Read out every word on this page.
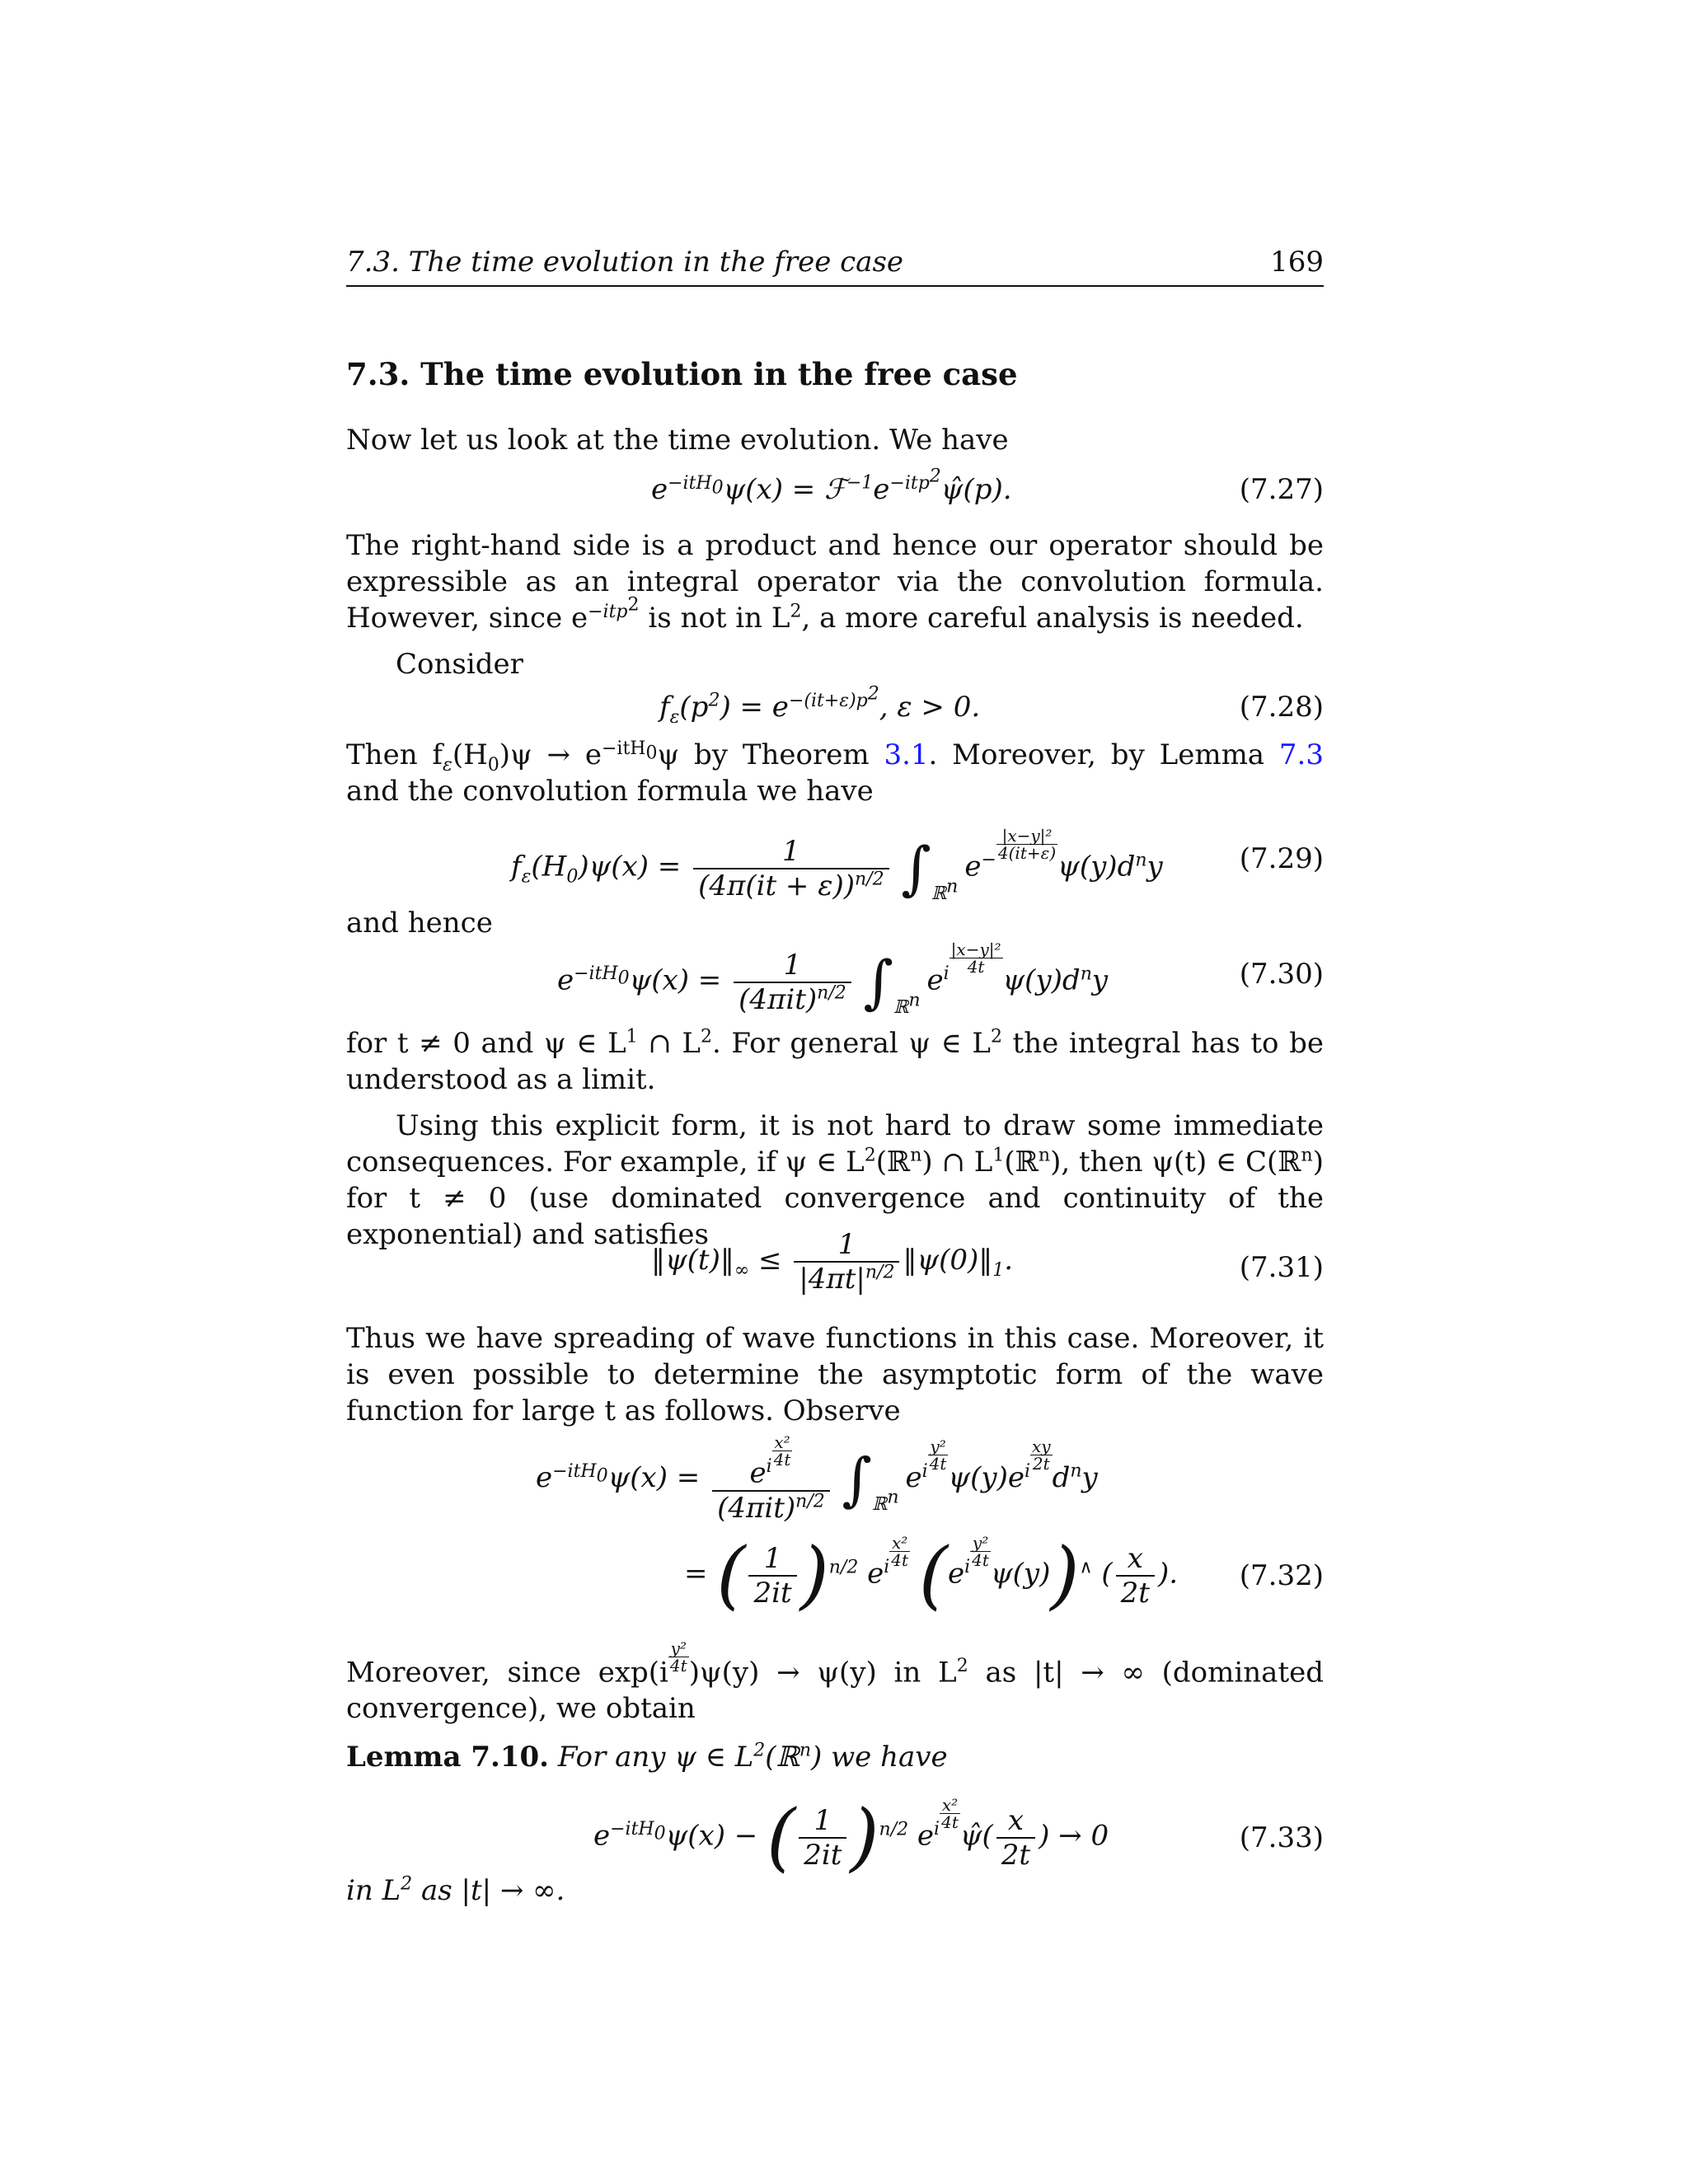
7.3. The time evolution in the free case	169
7.3. The time evolution in the free case
Now let us look at the time evolution. We have
$e^{-itH_0}\psi(x)$ = $ℱ^{-1}e^{-itp^2}\psî(p)$.	(7.27)
The right-hand side is a product and hence our operator should be expressible as an integral operator via the convolution formula. However, since $e^{-itp^2}$ is not in $L^2$, a more careful analysis is needed.
Consider
$f_\varepsilon(p^2) = e^{-(it+\varepsilon)p^2}$, ε > 0.	(7.28)
Then $f_\varepsilon(H_0)\psi \to e^{-itH_0}\psi$ by Theorem 3.1. Moreover, by Lemma 7.3 and the convolution formula we have
$f_\varepsilon(H_0)\psi(x) = \frac{1}{(4\pi(it + \varepsilon))^{n/2}} \int_{ℝ^n}e^{- \frac{\text{|x−y|²}}{4(it+\varepsilon)}}$
$\psi(y)d^ny$	(7.29)
and hence
$e^{-itH_0}\psi(x) = \frac{1}{(4\pi it)^{n/2}} \int_{ℝ^n}e^{i \frac{\text{|x−y|²}}{4t}}$
$\psi(y)d^ny$	(7.30)
for t ≠ 0 and ψ ∈ $L^1$ ∩ $L^2$. For general ψ ∈ $L^2$ the integral has to be understood as a limit.
Using this explicit form, it is not hard to draw some immediate consequences. For example, if ψ ∈ $L^2(ℝ^n)$ ∩ $L^1(ℝ^n)$, then ψ(t) ∈ C(ℝ$^n$) for t ≠ 0 (use dominated convergence and continuity of the exponential) and satisfies
$‖\psi(t)‖_\infty \le \frac{1}{|4\pi t|^{n/2}}$ $‖\psi(0)‖_1$.	(7.31)
Thus we have spreading of wave functions in this case. Moreover, it is even possible to determine the asymptotic form of the wave function for large t as follows. Observe
$e^{-itH_0}\psi(x) = e^{i \frac{\text{x²}}{4t}}$
$(4\pi it)^{n/2}$ $\int_{ℝ^n}e^{i \frac{\text{y²}}{4t}}$
$\psi(y)e^{i \frac{xy}{2t}}$
$d^ny$
= ( $\frac{1}{2it} )^{n/2}$ $e^{i \frac{\text{x²}}{4t}}$ ($e^{i \frac{\text{y²}}{4t}}$
ψ(y))∧ ( $\frac{x}{2t}$ ). (7.32)
Moreover, since $\exp(i \frac{\text{y²}}{4t} )\psi(y) \to \psi(y)$ in $L^2$ as |t| → ∞ (dominated convergence), we obtain
Lemma 7.10. For any ψ ∈ $L^2(ℝ^n)$ we have
$e^{-itH_0}\psi(x)$ − ( $\frac{1}{2it} )^{n/2}$ $e^{i \frac{\text{x²}}{4t}}$
ψ̂( $\frac{x}{2t}$ ) → 0	(7.33)
in $L^2$ as |t| → ∞.
